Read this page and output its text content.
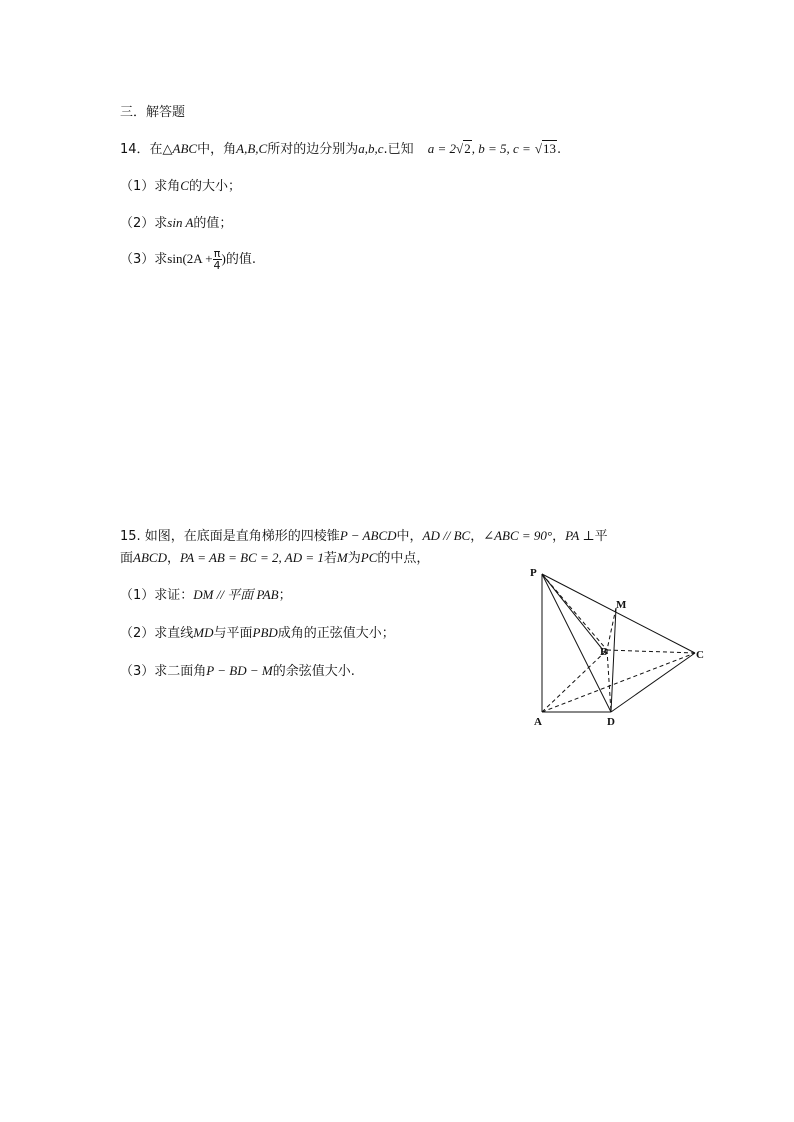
三．解答题
14．在△ABC中，角A,B,C所对的边分别为a,b,c.已知 a = 2√2, b = 5, c = √13.
（1）求角C的大小；
（2）求sin A的值；
（3）求$\sin(2A + \frac{\pi}{4}$ )的值.
15. 如图，在底面是直角梯形的四棱锥P − ABCD中，AD // BC，∠ABC = 90°，PA ⊥平
面ABCD，PA = AB = BC = 2, AD = 1若M为PC的中点，
（1）求证：DM // 平面 PAB；
（2）求直线MD与平面PBD成角的正弦值大小；
（3）求二面角P − BD − M的余弦值大小.
P
M
B	C
A	D
